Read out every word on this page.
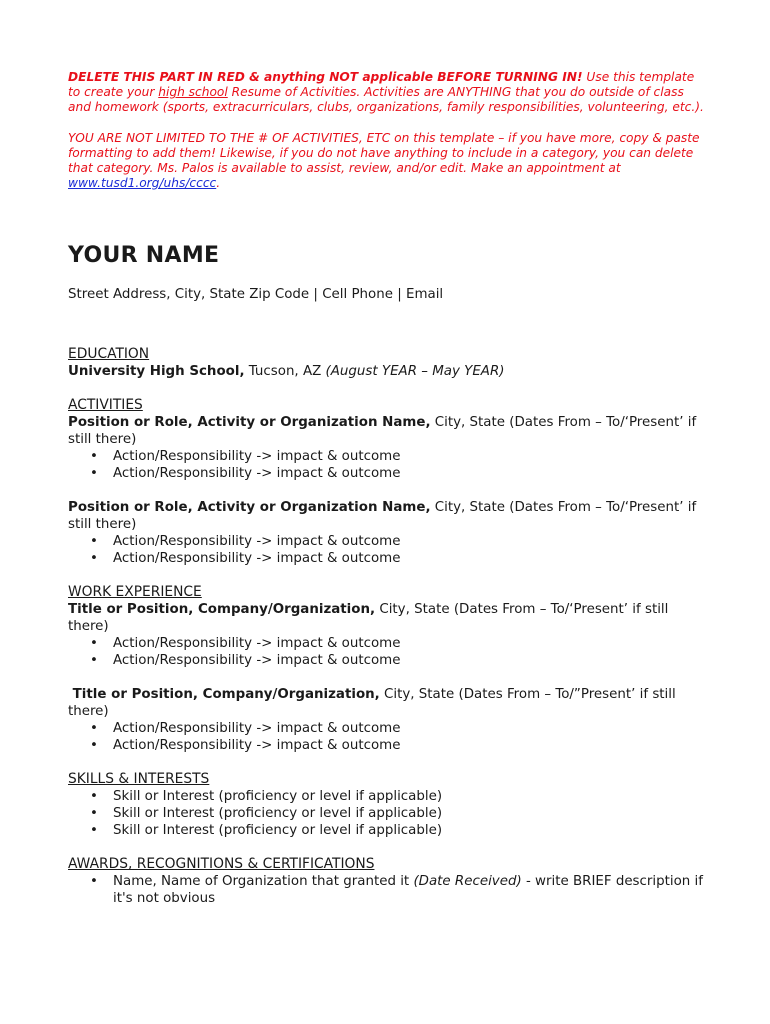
DELETE THIS PART IN RED & anything NOT applicable BEFORE TURNING IN! Use this template to create your high school Resume of Activities. Activities are ANYTHING that you do outside of class and homework (sports, extracurriculars, clubs, organizations, family responsibilities, volunteering, etc.).

YOU ARE NOT LIMITED TO THE # OF ACTIVITIES, ETC on this template – if you have more, copy & paste formatting to add them! Likewise, if you do not have anything to include in a category, you can delete that category. Ms. Palos is available to assist, review, and/or edit. Make an appointment at www.tusd1.org/uhs/cccc.

YOUR NAME

Street Address, City, State Zip Code | Cell Phone | Email

EDUCATION

University High School, Tucson, AZ (August YEAR – May YEAR)

ACTIVITIES

Position or Role, Activity or Organization Name, City, State (Dates From – To/‘Present’ if still there)

• Action/Responsibility -> impact & outcome
• Action/Responsibility -> impact & outcome

Position or Role, Activity or Organization Name, City, State (Dates From – To/‘Present’ if still there)

• Action/Responsibility -> impact & outcome
• Action/Responsibility -> impact & outcome

WORK EXPERIENCE

Title or Position, Company/Organization, City, State (Dates From – To/‘Present’ if still there)

• Action/Responsibility -> impact & outcome
• Action/Responsibility -> impact & outcome

Title or Position, Company/Organization, City, State (Dates From – To/”Present’ if still there)

• Action/Responsibility -> impact & outcome
• Action/Responsibility -> impact & outcome

SKILLS & INTERESTS

• Skill or Interest (proficiency or level if applicable)
• Skill or Interest (proficiency or level if applicable)
• Skill or Interest (proficiency or level if applicable)

AWARDS, RECOGNITIONS & CERTIFICATIONS

• Name, Name of Organization that granted it (Date Received) - write BRIEF description if it's not obvious
